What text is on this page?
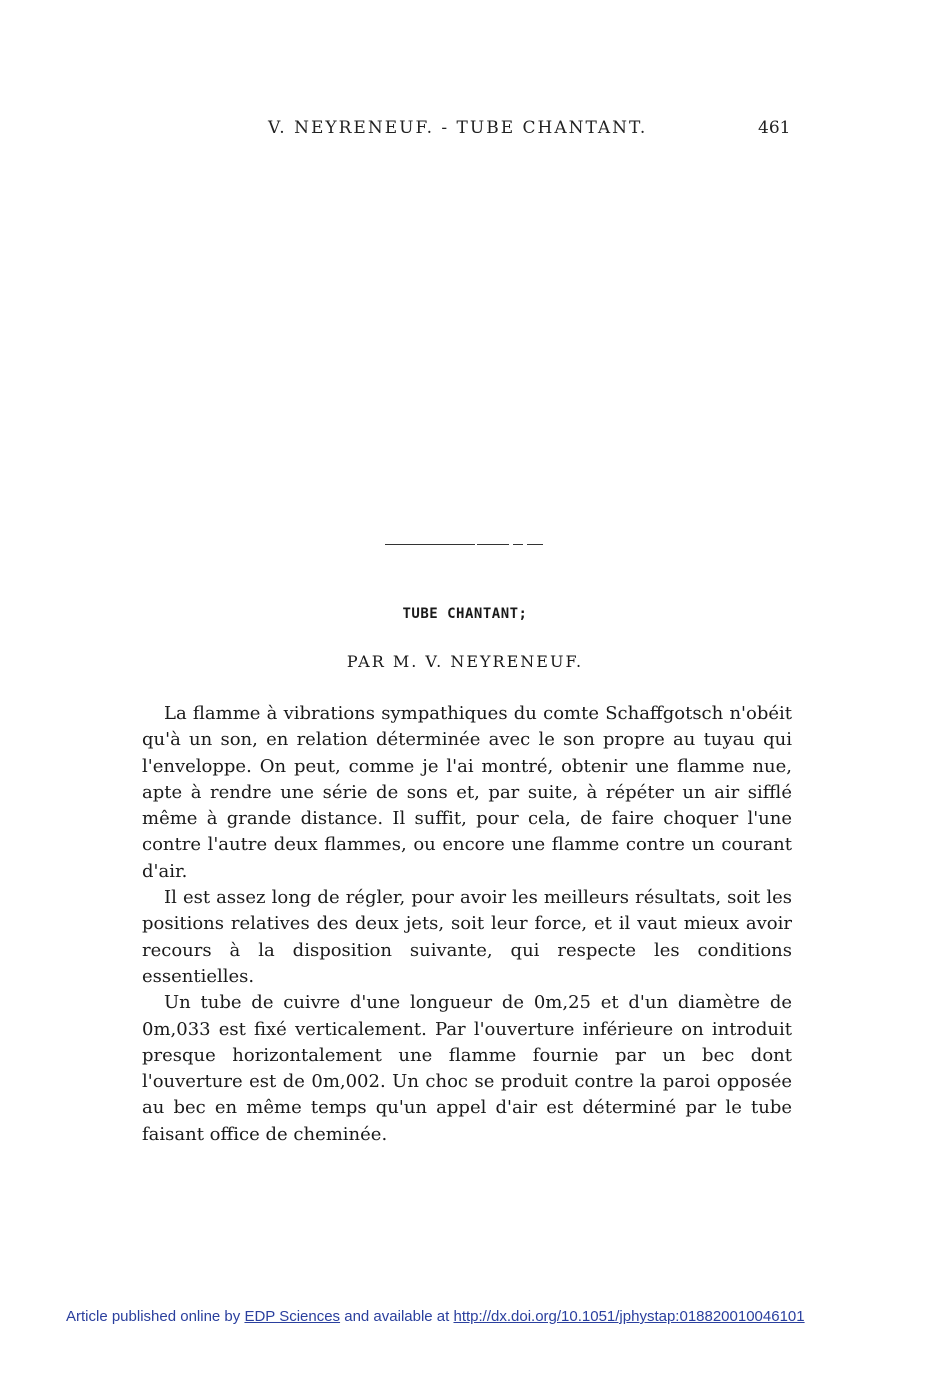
V. NEYRENEUF. - TUBE CHANTANT.	461
TUBE CHANTANT;
PAR M. V. NEYRENEUF.

La flamme à vibrations sympathiques du comte Schaffgotsch n'obéit qu'à un son, en relation déterminée avec le son propre au tuyau qui l'enveloppe. On peut, comme je l'ai montré, obtenir une flamme nue, apte à rendre une série de sons et, par suite, à répéter un air sifflé même à grande distance. Il suffit, pour cela, de faire choquer l'une contre l'autre deux flammes, ou encore une flamme contre un courant d'air.

Il est assez long de régler, pour avoir les meilleurs résultats, soit les positions relatives des deux jets, soit leur force, et il vaut mieux avoir recours à la disposition suivante, qui respecte les conditions essentielles.

Un tube de cuivre d'une longueur de 0m,25 et d'un diamètre de 0m,033 est fixé verticalement. Par l'ouverture inférieure on introduit presque horizontalement une flamme fournie par un bec dont l'ouverture est de 0m,002. Un choc se produit contre la paroi opposée au bec en même temps qu'un appel d'air est déterminé par le tube faisant office de cheminée.

Article published online by EDP Sciences and available at http://dx.doi.org/10.1051/jphystap:018820010046101
